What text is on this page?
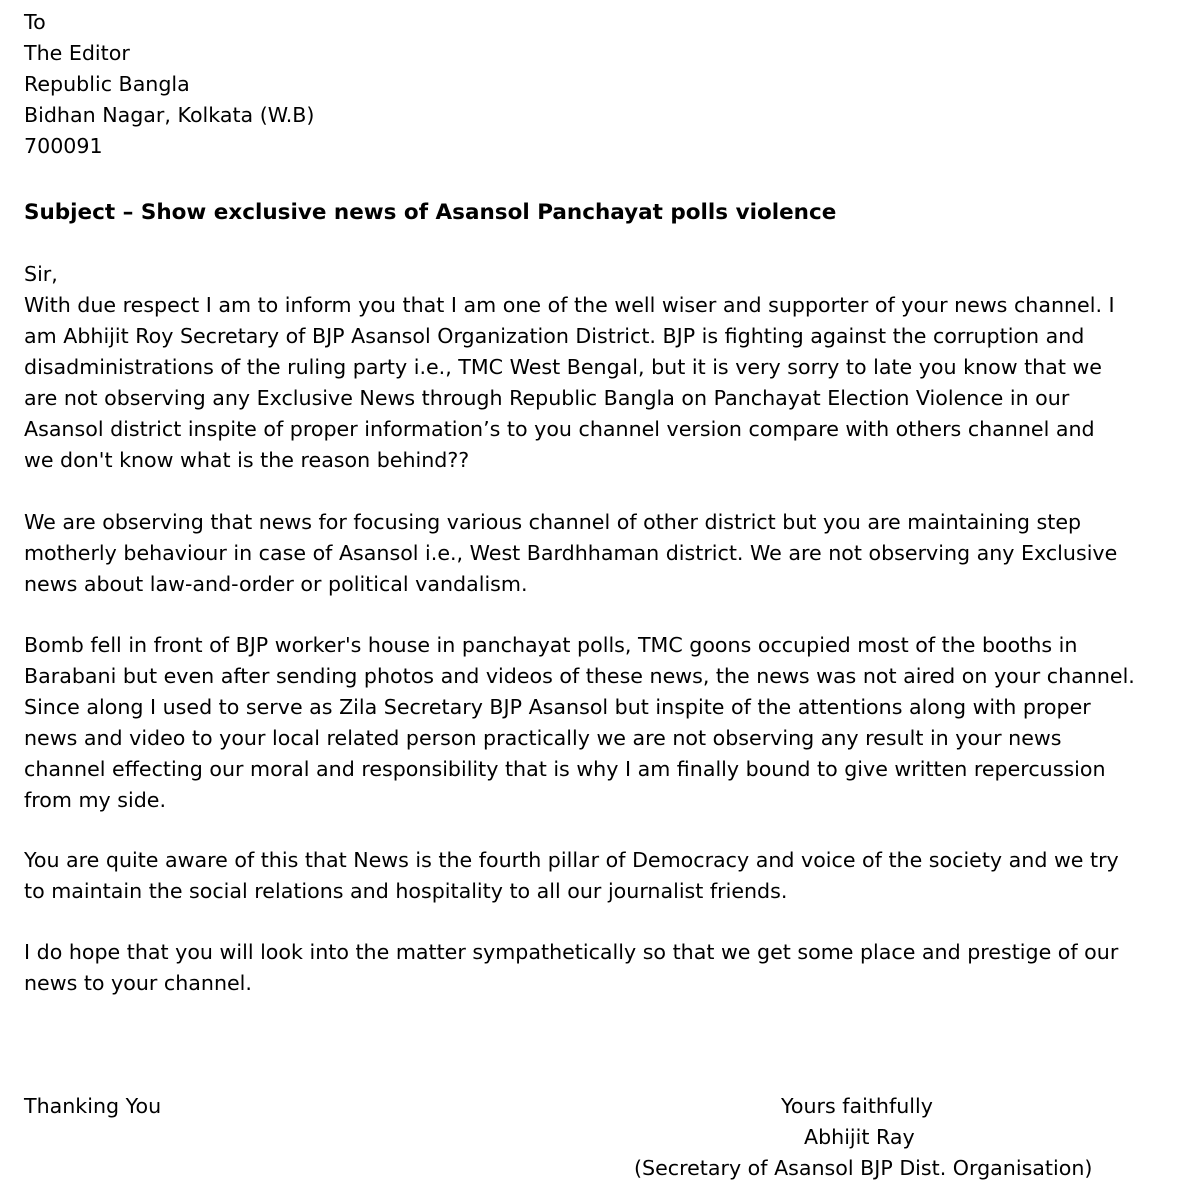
To
The Editor
Republic Bangla
Bidhan Nagar, Kolkata (W.B)
700091
Subject – Show exclusive news of Asansol Panchayat polls violence
Sir,
With due respect I am to inform you that I am one of the well wiser and supporter of your news channel. I
am Abhijit Roy Secretary of BJP Asansol Organization District. BJP is fighting against the corruption and
disadministrations of the ruling party i.e., TMC West Bengal, but it is very sorry to late you know that we
are not observing any Exclusive News through Republic Bangla on Panchayat Election Violence in our
Asansol district inspite of proper information’s to you channel version compare with others channel and
we don't know what is the reason behind??
We are observing that news for focusing various channel of other district but you are maintaining step
motherly behaviour in case of Asansol i.e., West Bardhhaman district. We are not observing any Exclusive
news about law-and-order or political vandalism.
Bomb fell in front of BJP worker's house in panchayat polls, TMC goons occupied most of the booths in
Barabani but even after sending photos and videos of these news, the news was not aired on your channel.
Since along I used to serve as Zila Secretary BJP Asansol but inspite of the attentions along with proper
news and video to your local related person practically we are not observing any result in your news
channel effecting our moral and responsibility that is why I am finally bound to give written repercussion
from my side.
You are quite aware of this that News is the fourth pillar of Democracy and voice of the society and we try
to maintain the social relations and hospitality to all our journalist friends.
I do hope that you will look into the matter sympathetically so that we get some place and prestige of our
news to your channel.
Thanking You	Yours faithfully
Abhijit Ray
(Secretary of Asansol BJP Dist. Organisation)
